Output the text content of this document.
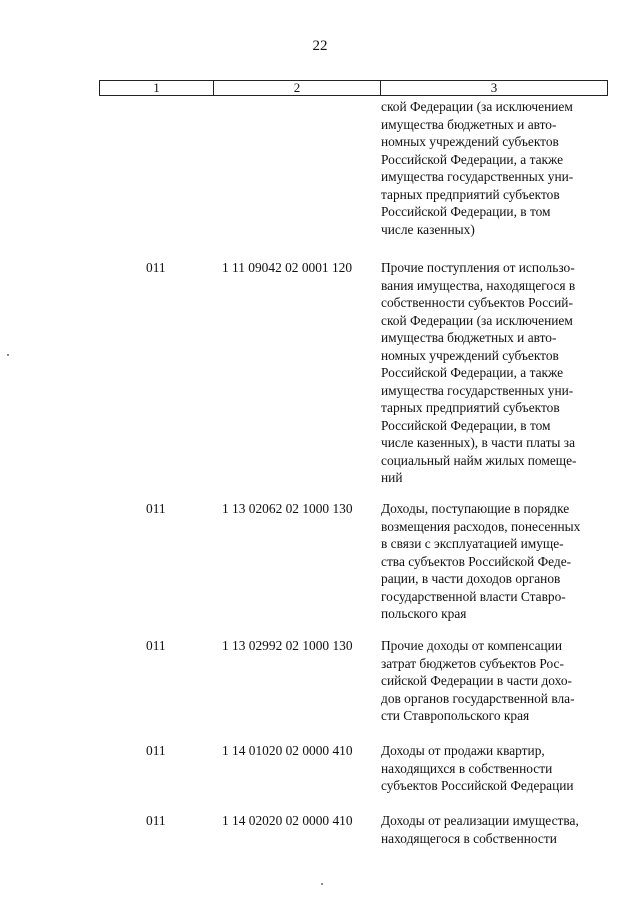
22
1	2	3
ской Федерации (за исключением
имущества бюджетных и авто-
номных учреждений субъектов
Российской Федерации, а также
имущества государственных уни-
тарных предприятий субъектов
Российской Федерации, в том
числе казенных)
011	1 11 09042 02 0001 120 Прочие поступления от использо-
вания имущества, находящегося в
собственности субъектов Россий-
ской Федерации (за исключением
имущества бюджетных и авто-
номных учреждений субъектов
Российской Федерации, а также
имущества государственных уни-
тарных предприятий субъектов
Российской Федерации, в том
числе казенных), в части платы за
социальный найм жилых помеще-
ний
011	1 13 02062 02 1000 130 Доходы, поступающие в порядке
возмещения расходов, понесенных
в связи с эксплуатацией имуще-
ства субъектов Российской Феде-
рации, в части доходов органов
государственной власти Ставро-
польского края
011	1 13 02992 02 1000 130 Прочие доходы от компенсации
затрат бюджетов субъектов Рос-
сийской Федерации в части дохо-
дов органов государственной вла-
сти Ставропольского края
011	1 14 01020 02 0000 410 Доходы от продажи квартир,
находящихся в собственности
субъектов Российской Федерации
011	1 14 02020 02 0000 410 Доходы от реализации имущества,
находящегося в собственности
